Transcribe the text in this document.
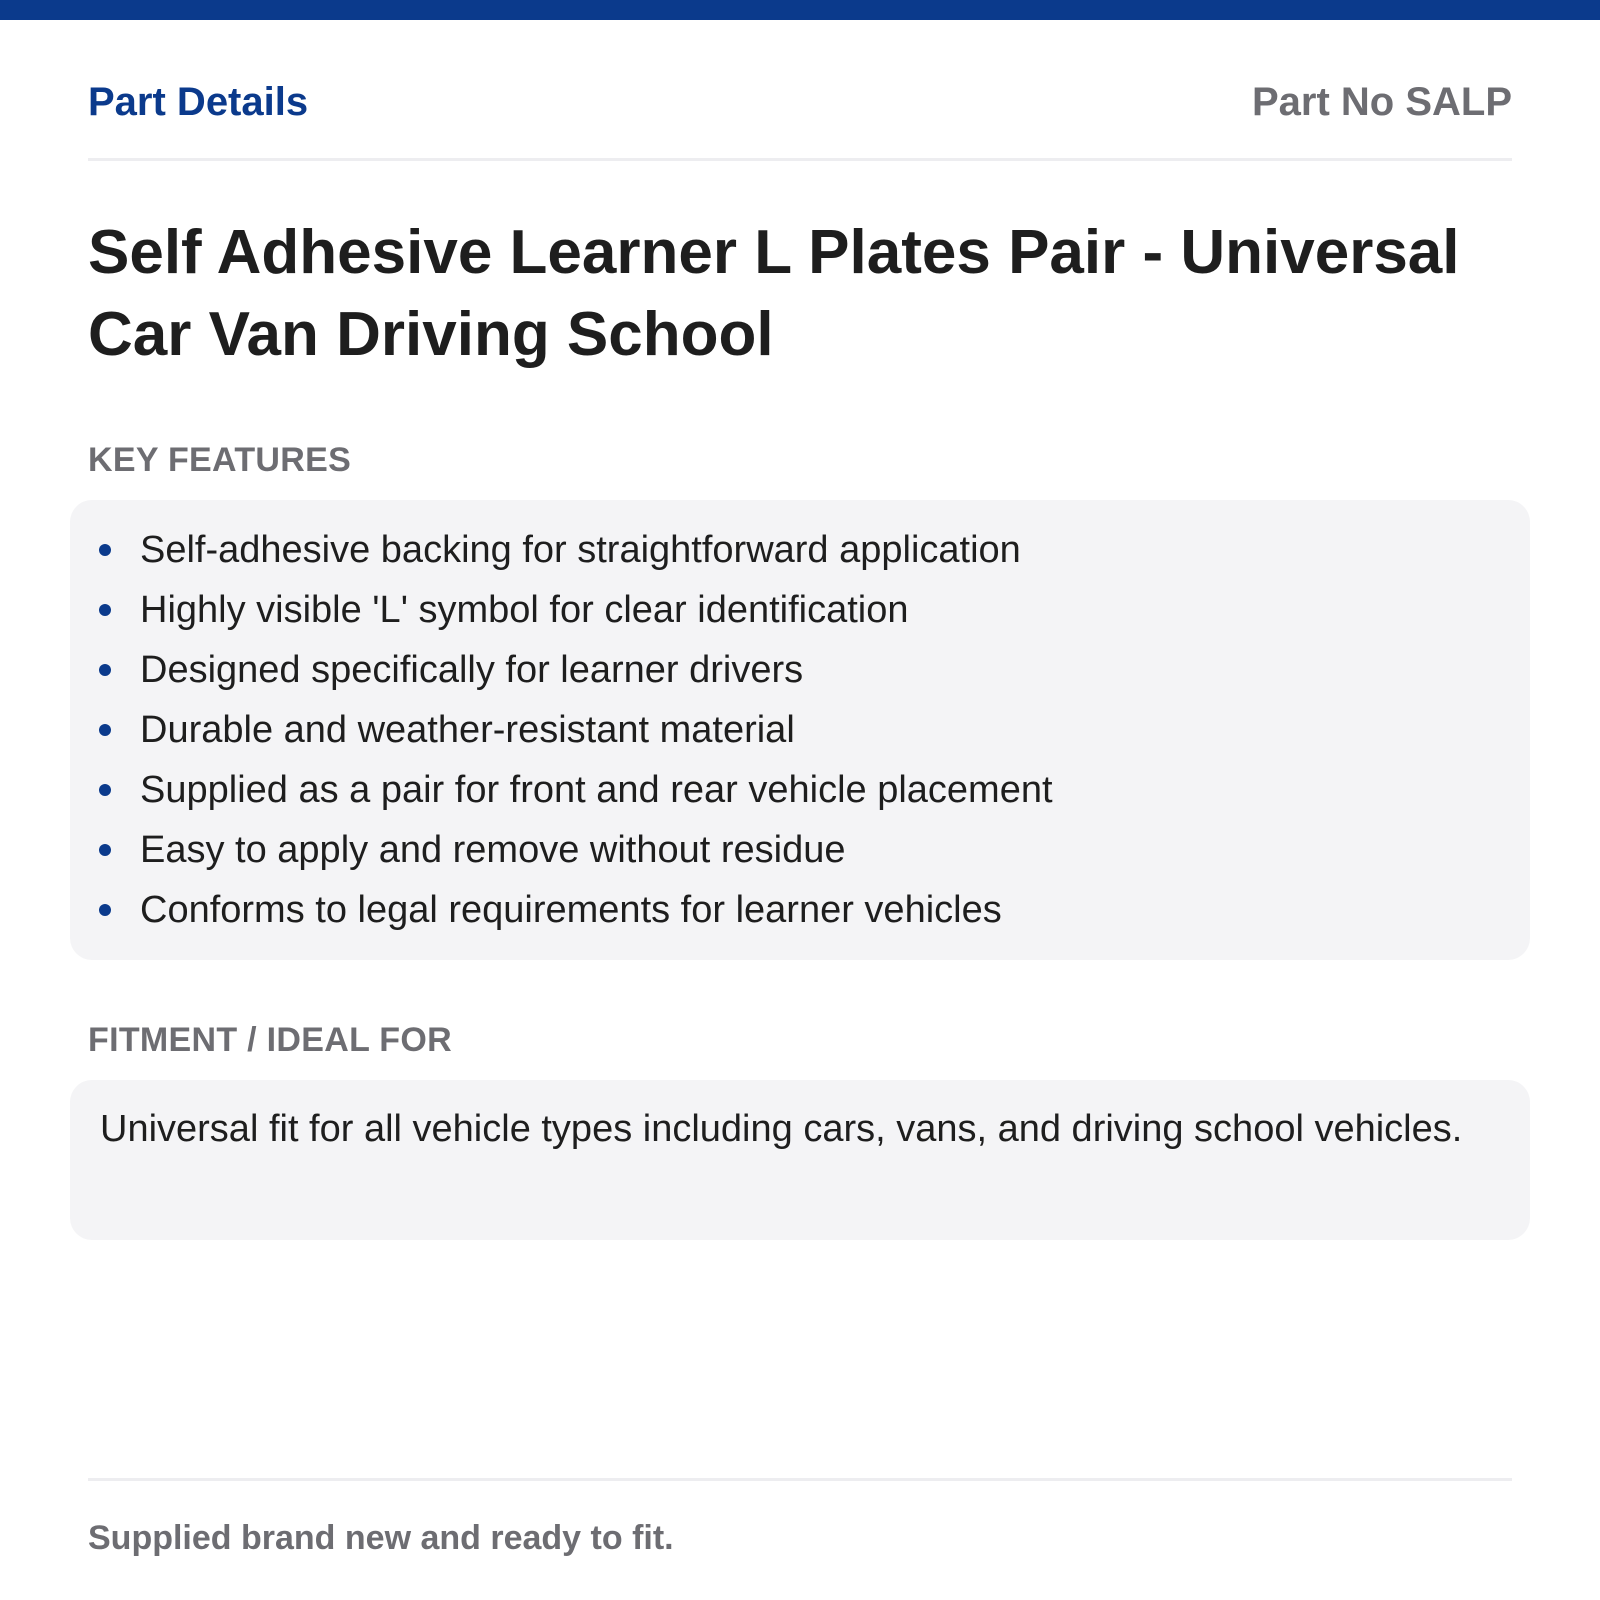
Part Details	Part No SALP
Self Adhesive Learner L Plates Pair - Universal Car Van Driving School
KEY FEATURES
Self-adhesive backing for straightforward application
Highly visible 'L' symbol for clear identification
Designed specifically for learner drivers
Durable and weather-resistant material
Supplied as a pair for front and rear vehicle placement
Easy to apply and remove without residue
Conforms to legal requirements for learner vehicles
FITMENT / IDEAL FOR

Universal fit for all vehicle types including cars, vans, and driving school vehicles.

Supplied brand new and ready to fit.
